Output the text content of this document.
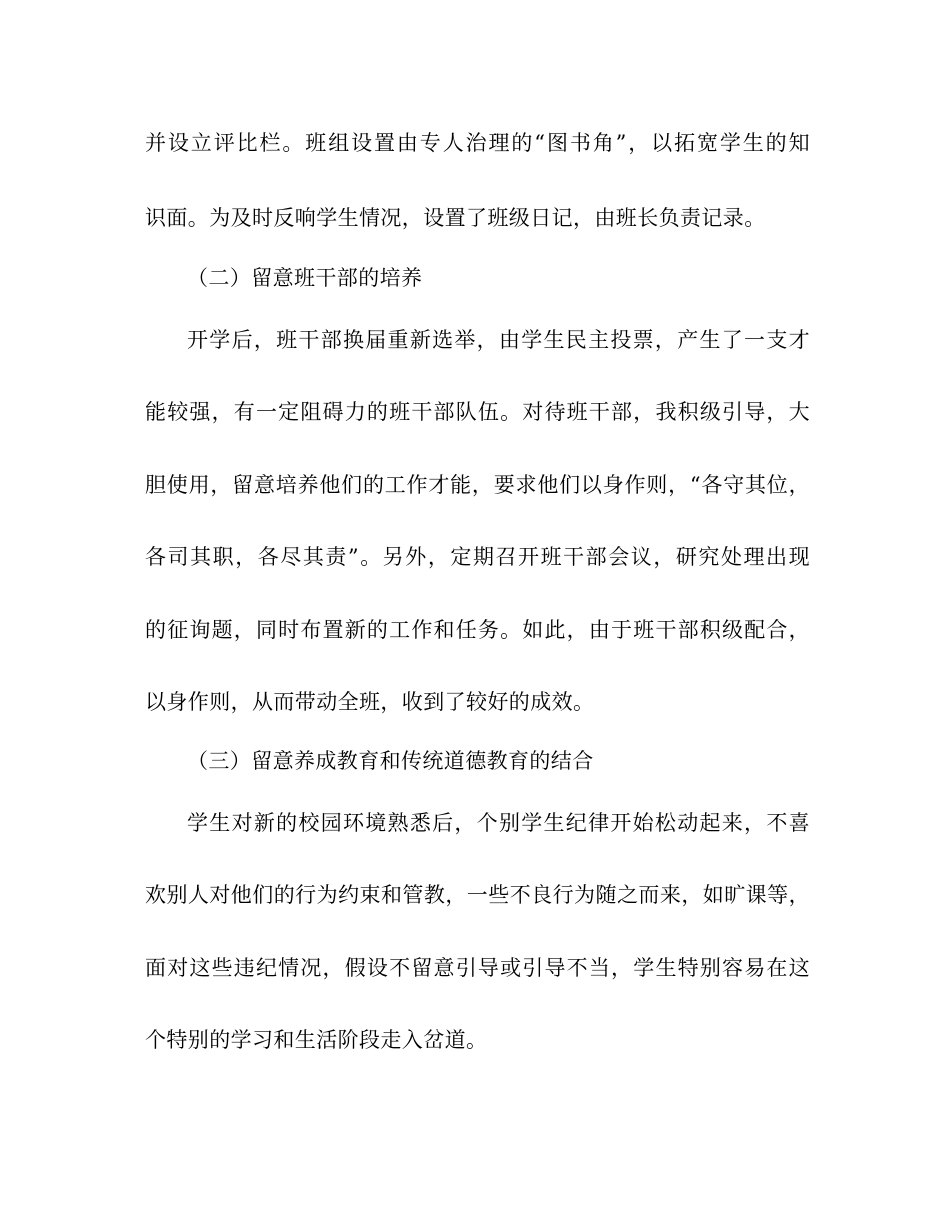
并设立评比栏。班组设置由专人治理的“图书角”，以拓宽学生的知

识面。为及时反响学生情况，设置了班级日记，由班长负责记录。

（二）留意班干部的培养

开学后，班干部换届重新选举，由学生民主投票，产生了一支才

能较强，有一定阻碍力的班干部队伍。对待班干部，我积级引导，大

胆使用，留意培养他们的工作才能，要求他们以身作则，“各守其位，

各司其职，各尽其责”。另外，定期召开班干部会议，研究处理出现

的征询题，同时布置新的工作和任务。如此，由于班干部积级配合，

以身作则，从而带动全班，收到了较好的成效。

（三）留意养成教育和传统道德教育的结合

学生对新的校园环境熟悉后，个别学生纪律开始松动起来，不喜

欢别人对他们的行为约束和管教，一些不良行为随之而来，如旷课等，

面对这些违纪情况，假设不留意引导或引导不当，学生特别容易在这

个特别的学习和生活阶段走入岔道。
